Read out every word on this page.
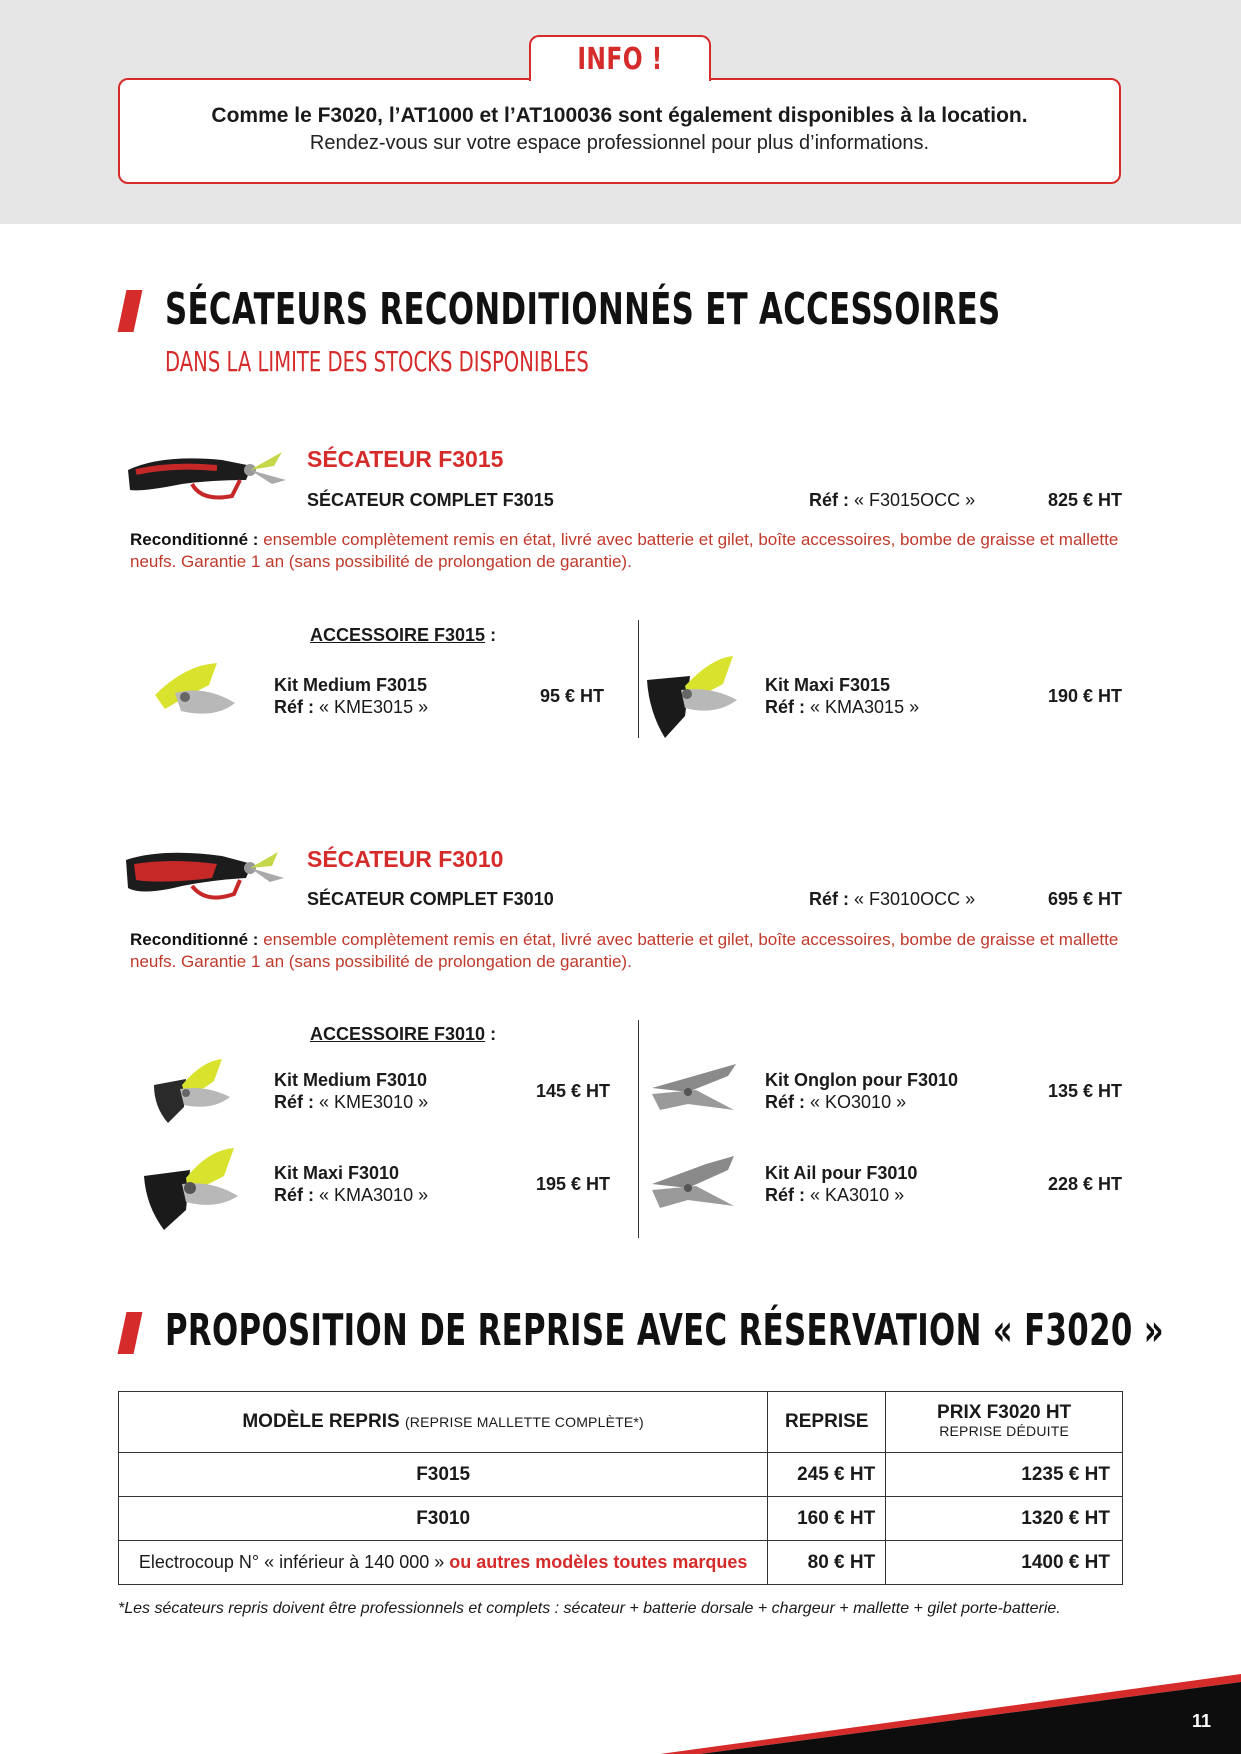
INFO !
Comme le F3020, l’AT1000 et l’AT100036 sont également disponibles à la location.
Rendez-vous sur votre espace professionnel pour plus d’informations.
SÉCATEURS RECONDITIONNÉS ET ACCESSOIRES
DANS LA LIMITE DES STOCKS DISPONIBLES
SÉCATEUR F3015
SÉCATEUR COMPLET F3015	Réf : « F3015OCC »	825 € HT
Reconditionné : ensemble complètement remis en état, livré avec batterie et gilet, boîte accessoires, bombe de graisse et mallette neufs. Garantie 1 an (sans possibilité de prolongation de garantie).
ACCESSOIRE F3015 :
Kit Medium F3015
Réf : « KME3015 »
95 € HT
Kit Maxi F3015
Réf : « KMA3015 »
190 € HT
SÉCATEUR F3010
SÉCATEUR COMPLET F3010	Réf : « F3010OCC »	695 € HT
Reconditionné : ensemble complètement remis en état, livré avec batterie et gilet, boîte accessoires, bombe de graisse et mallette neufs. Garantie 1 an (sans possibilité de prolongation de garantie).
ACCESSOIRE F3010 :
Kit Medium F3010
Réf : « KME3010 »
145 € HT
Kit Onglon pour F3010
Réf : « KO3010 »
135 € HT
Kit Maxi F3010
Réf : « KMA3010 »
195 € HT
Kit Ail pour F3010
Réf : « KA3010 »
228 € HT
PROPOSITION DE REPRISE AVEC RÉSERVATION « F3020 »
MODÈLE REPRIS (REPRISE MALLETTE COMPLÈTE*)	REPRISE	PRIX F3020 HT
REPRISE DÉDUITE

F3015	245 € HT	1235 € HT
F3010	160 € HT	1320 € HT
Electrocoup N° « inférieur à 140 000 » ou autres modèles toutes marques	80 € HT	1400 € HT
*Les sécateurs repris doivent être professionnels et complets : sécateur + batterie dorsale + chargeur + mallette + gilet porte-batterie.
11
